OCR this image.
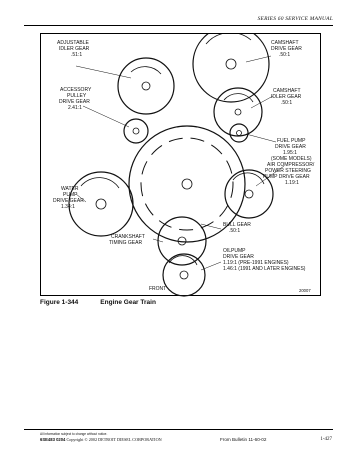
SERIES 60 SERVICE MANUAL
ADJUSTABLE
IDLER GEAR
.51:1
CAMSHAFT
DRIVE GEAR
.50:1
ACCESSORY
PULLEY
DRIVE GEAR
2.41:1
CAMSHAFT
IDLER GEAR
.50:1
FUEL PUMP
DRIVE GEAR
1.95:1
(SOME MODELS)
AIR COMPRESSOR/
POWER STEERING
PUMP DRIVE GEAR
1.19:1
WATER
PUMP
DRIVE GEAR
1.34:1
CRANKSHAFT
TIMING GEAR
BULL GEAR
.50:1
OILPUMP
DRIVE GEAR
1.19:1 (PRE-1991 ENGINES)
1.46:1 (1991 AND LATER ENGINES)
FRONT	20007
Figure 1-344	Engine Gear Train
All information subject to change without notice.
6SE483 0204 Copyright © 2002 DETROIT DIESEL CORPORATION	From Bulletin 11-60-02	1-427
